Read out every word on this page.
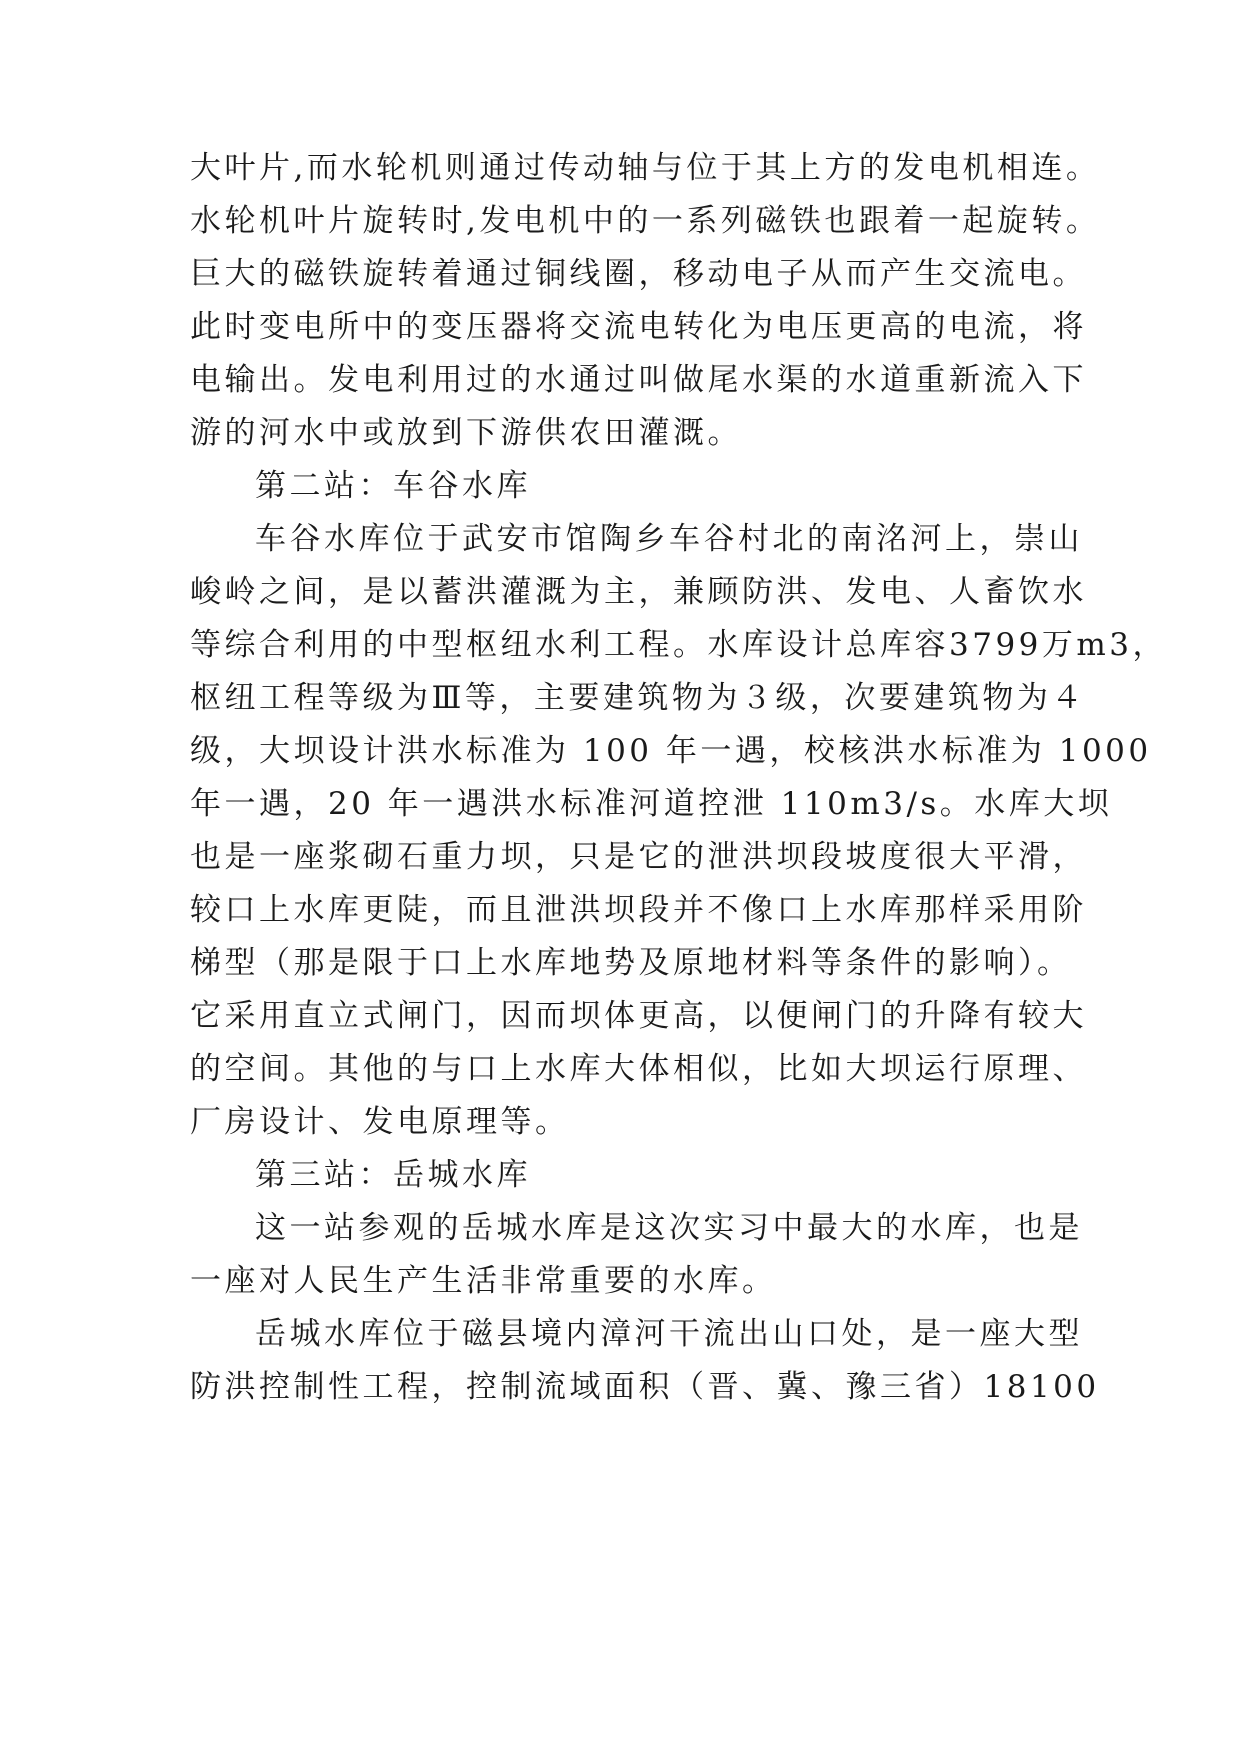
大叶片,而水轮机则通过传动轴与位于其上方的发电机相连。
水轮机叶片旋转时,发电机中的一系列磁铁也跟着一起旋转。
巨大的磁铁旋转着通过铜线圈，移动电子从而产生交流电。
此时变电所中的变压器将交流电转化为电压更高的电流，将
电输出。发电利用过的水通过叫做尾水渠的水道重新流入下
游的河水中或放到下游供农田灌溉。
第二站：车谷水库
车谷水库位于武安市馆陶乡车谷村北的南洺河上，崇山
峻岭之间，是以蓄洪灌溉为主，兼顾防洪、发电、人畜饮水
等综合利用的中型枢纽水利工程。水库设计总库容3799万m3，
枢纽工程等级为Ⅲ等，主要建筑物为３级，次要建筑物为４
级，大坝设计洪水标准为 100 年一遇，校核洪水标准为 1000
年一遇，20 年一遇洪水标准河道控泄 110m3/s。水库大坝
也是一座浆砌石重力坝，只是它的泄洪坝段坡度很大平滑，
较口上水库更陡，而且泄洪坝段并不像口上水库那样采用阶
梯型（那是限于口上水库地势及原地材料等条件的影响）。
它采用直立式闸门，因而坝体更高，以便闸门的升降有较大
的空间。其他的与口上水库大体相似，比如大坝运行原理、
厂房设计、发电原理等。
第三站：岳城水库
这一站参观的岳城水库是这次实习中最大的水库，也是
一座对人民生产生活非常重要的水库。
岳城水库位于磁县境内漳河干流出山口处，是一座大型
防洪控制性工程，控制流域面积（晋、冀、豫三省）18100
